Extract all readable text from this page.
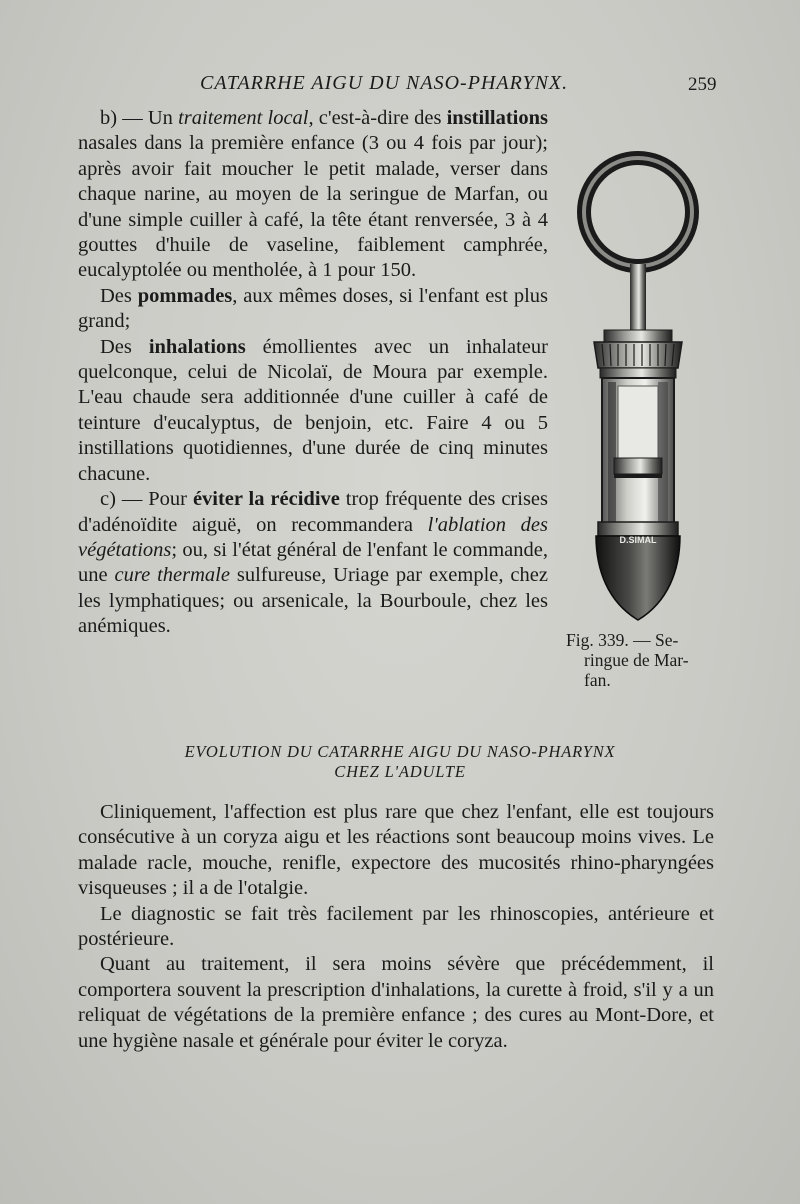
CATARRHE AIGU DU NASO-PHARYNX.	259

b) — Un traitement local, c'est-à-dire des instillations nasales dans la première enfance (3 ou 4 fois par jour); après avoir fait moucher le petit malade, verser dans chaque narine, au moyen de la seringue de Marfan, ou d'une simple cuiller à café, la tête étant renversée, 3 à 4 gouttes d'huile de vaseline, faiblement camphrée, eucalyptolée ou mentholée, à 1 pour 150.

Des pommades, aux mêmes doses, si l'enfant est plus grand;

Des inhalations émollientes avec un inhalateur quelconque, celui de Nicolaï, de Moura par exemple. L'eau chaude sera additionnée d'une cuiller à café de teinture d'eucalyptus, de benjoin, etc. Faire 4 ou 5 instillations quotidiennes, d'une durée de cinq minutes chacune.

c) — Pour éviter la récidive trop fréquente des crises d'adénoïdite aiguë, on recommandera l'ablation des végétations; ou, si l'état général de l'enfant le commande, une cure thermale sulfureuse, Uriage par exemple, chez les lymphatiques; ou arsenicale, la Bourboule, chez les anémiques.

D.SIMAL
Fig. 339. — Se-
ringue de Mar-
fan.
EVOLUTION DU CATARRHE AIGU DU NASO-PHARYNX
CHEZ L'ADULTE

Cliniquement, l'affection est plus rare que chez l'enfant, elle est toujours consécutive à un coryza aigu et les réactions sont beaucoup moins vives. Le malade racle, mouche, renifle, expectore des mucosités rhino-pharyngées visqueuses ; il a de l'otalgie.

Le diagnostic se fait très facilement par les rhinoscopies, antérieure et postérieure.

Quant au traitement, il sera moins sévère que précédemment, il comportera souvent la prescription d'inhalations, la curette à froid, s'il y a un reliquat de végétations de la première enfance ; des cures au Mont-Dore, et une hygiène nasale et générale pour éviter le coryza.
